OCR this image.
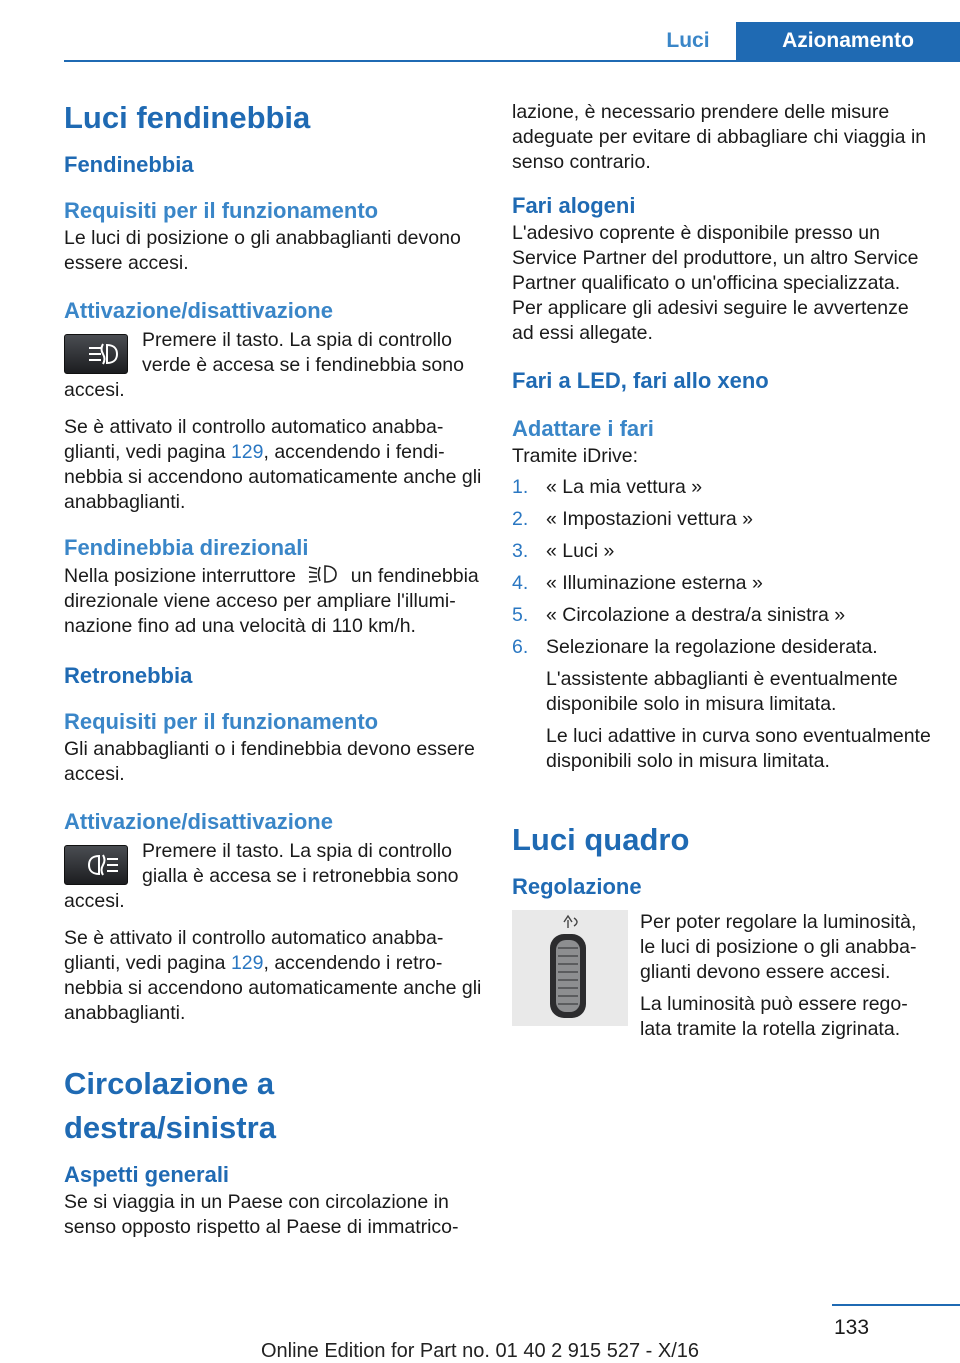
Luci	Azionamento
Luci fendinebbia
Fendinebbia
Requisiti per il funzionamento

Le luci di posizione o gli anabbaglianti devono essere accesi.

Attivazione/disattivazione

Premere il tasto. La spia di controllo verde è accesa se i fendinebbia sono accesi.

Se è attivato il controllo automatico anabbaglianti, vedi pagina 129, accendendo i fendinebbia si accendono automaticamente anche gli anabbaglianti.

Fendinebbia direzionali

Nella posizione interruttore  un fendinebbia direzionale viene acceso per ampliare l'illuminazione fino ad una velocità di 110 km/h.

Retronebbia
Requisiti per il funzionamento

Gli anabbaglianti o i fendinebbia devono essere accesi.

Attivazione/disattivazione

Premere il tasto. La spia di controllo gialla è accesa se i retronebbia sono accesi.

Se è attivato il controllo automatico anabbaglianti, vedi pagina 129, accendendo i retronebbia si accendono automaticamente anche gli anabbaglianti.

Circolazione a destra/sinistra
Aspetti generali

Se si viaggia in un Paese con circolazione in senso opposto rispetto al Paese di immatrico-

lazione, è necessario prendere delle misure adeguate per evitare di abbagliare chi viaggia in senso contrario.

Fari alogeni

L'adesivo coprente è disponibile presso un Service Partner del produttore, un altro Service Partner qualificato o un'officina specializzata. Per applicare gli adesivi seguire le avvertenze ad essi allegate.

Fari a LED, fari allo xeno
Adattare i fari

Tramite iDrive:

1. « La mia vettura »
2. « Impostazioni vettura »
3. « Luci »
4. « Illuminazione esterna »
5. « Circolazione a destra/a sinistra »
6. Selezionare la regolazione desiderata.

L'assistente abbaglianti è eventualmente disponibile solo in misura limitata.

Le luci adattive in curva sono eventualmente disponibili solo in misura limitata.

Luci quadro
Regolazione

Per poter regolare la luminosità, le luci di posizione o gli anabbaglianti devono essere accesi.

La luminosità può essere regolata tramite la rotella zigrinata.

133
Online Edition for Part no. 01 40 2 915 527 - X/16
